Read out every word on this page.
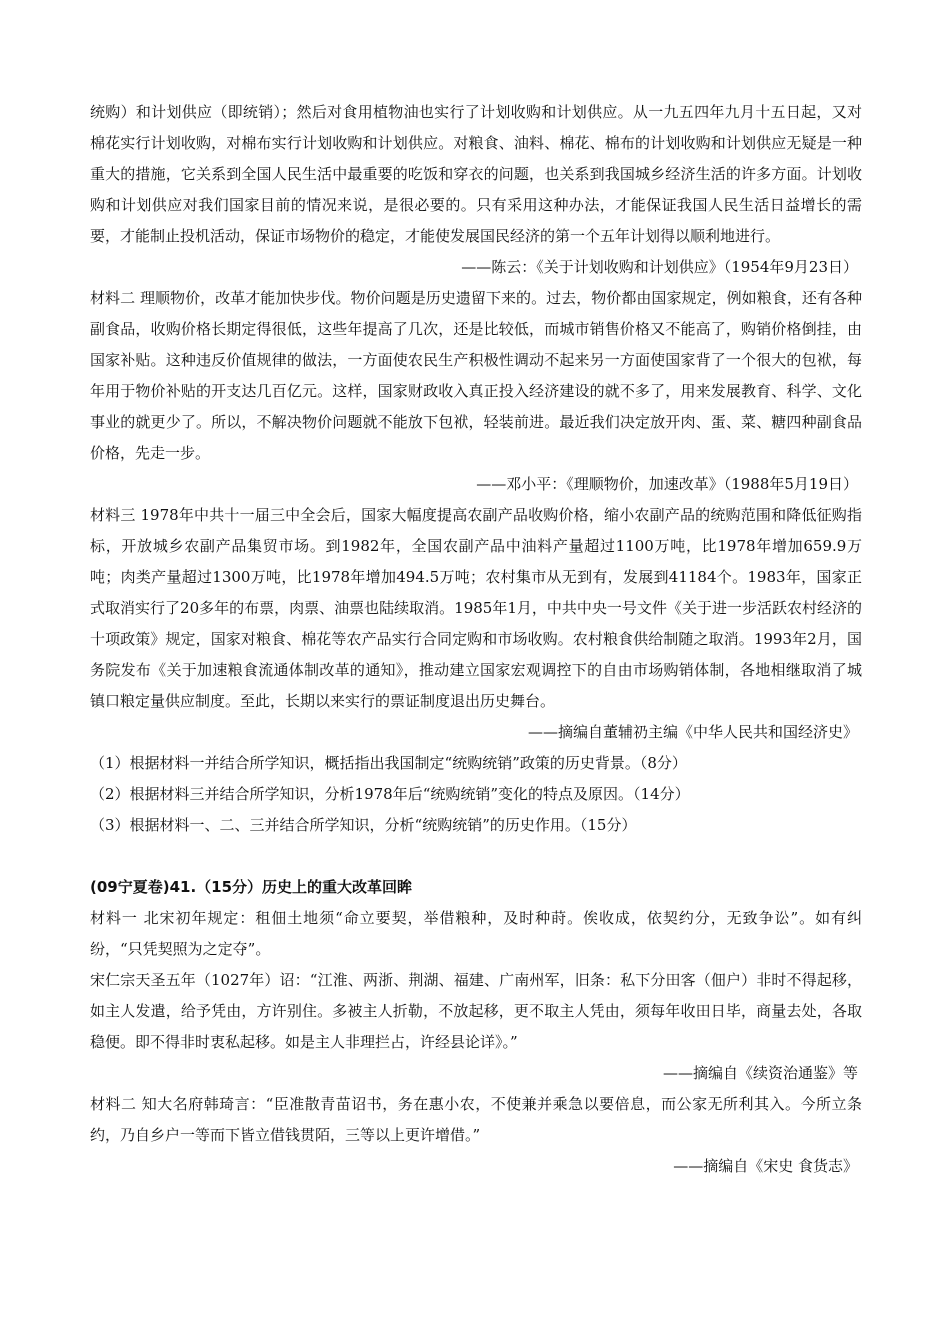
统购）和计划供应（即统销）；然后对食用植物油也实行了计划收购和计划供应。从一九五四年九月十五日起，又对棉花实行计划收购，对棉布实行计划收购和计划供应。对粮食、油料、棉花、棉布的计划收购和计划供应无疑是一种重大的措施，它关系到全国人民生活中最重要的吃饭和穿衣的问题，也关系到我国城乡经济生活的许多方面。计划收购和计划供应对我们国家目前的情况来说，是很必要的。只有采用这种办法，才能保证我国人民生活日益增长的需要，才能制止投机活动，保证市场物价的稳定，才能使发展国民经济的第一个五年计划得以顺利地进行。

——陈云：《关于计划收购和计划供应》（1954年9月23日）

材料二 理顺物价，改革才能加快步伐。物价问题是历史遗留下来的。过去，物价都由国家规定，例如粮食，还有各种副食品，收购价格长期定得很低，这些年提高了几次，还是比较低，而城市销售价格又不能高了，购销价格倒挂，由国家补贴。这种违反价值规律的做法，一方面使农民生产积极性调动不起来另一方面使国家背了一个很大的包袱，每年用于物价补贴的开支达几百亿元。这样，国家财政收入真正投入经济建设的就不多了，用来发展教育、科学、文化事业的就更少了。所以，不解决物价问题就不能放下包袱，轻装前进。最近我们决定放开肉、蛋、菜、糖四种副食品价格，先走一步。

——邓小平：《理顺物价，加速改革》（1988年5月19日）

材料三 1978年中共十一届三中全会后，国家大幅度提高农副产品收购价格，缩小农副产品的统购范围和降低征购指标，开放城乡农副产品集贸市场。到1982年，全国农副产品中油料产量超过1100万吨，比1978年增加659.9万吨；肉类产量超过1300万吨，比1978年增加494.5万吨；农村集市从无到有，发展到41184个。1983年，国家正式取消实行了20多年的布票，肉票、油票也陆续取消。1985年1月，中共中央一号文件《关于进一步活跃农村经济的十项政策》规定，国家对粮食、棉花等农产品实行合同定购和市场收购。农村粮食供给制随之取消。1993年2月，国务院发布《关于加速粮食流通体制改革的通知》，推动建立国家宏观调控下的自由市场购销体制，各地相继取消了城镇口粮定量供应制度。至此，长期以来实行的票证制度退出历史舞台。

——摘编自董辅礽主编《中华人民共和国经济史》

（1）根据材料一并结合所学知识，概括指出我国制定“统购统销”政策的历史背景。（8分）

（2）根据材料三并结合所学知识，分析1978年后“统购统销”变化的特点及原因。（14分）

（3）根据材料一、二、三并结合所学知识，分析“统购统销”的历史作用。（15分）

(09宁夏卷)41.（15分）历史上的重大改革回眸

材料一 北宋初年规定：租佃土地须“命立要契，举借粮种，及时种莳。俟收成，依契约分，无致争讼”。如有纠纷，“只凭契照为之定夺”。

宋仁宗天圣五年（1027年）诏：“江淮、两浙、荆湖、福建、广南州军，旧条：私下分田客（佃户）非时不得起移，如主人发遣，给予凭由，方许别住。多被主人折勒，不放起移，更不取主人凭由，须每年收田日毕，商量去处，各取稳便。即不得非时衷私起移。如是主人非理拦占，许经县论详》。”

——摘编自《续资治通鉴》等

材料二 知大名府韩琦言：“臣准散青苗诏书，务在惠小农，不使兼并乘急以要倍息，而公家无所利其入。今所立条约，乃自乡户一等而下皆立借钱贯陌，三等以上更许增借。”

——摘编自《宋史 食货志》
